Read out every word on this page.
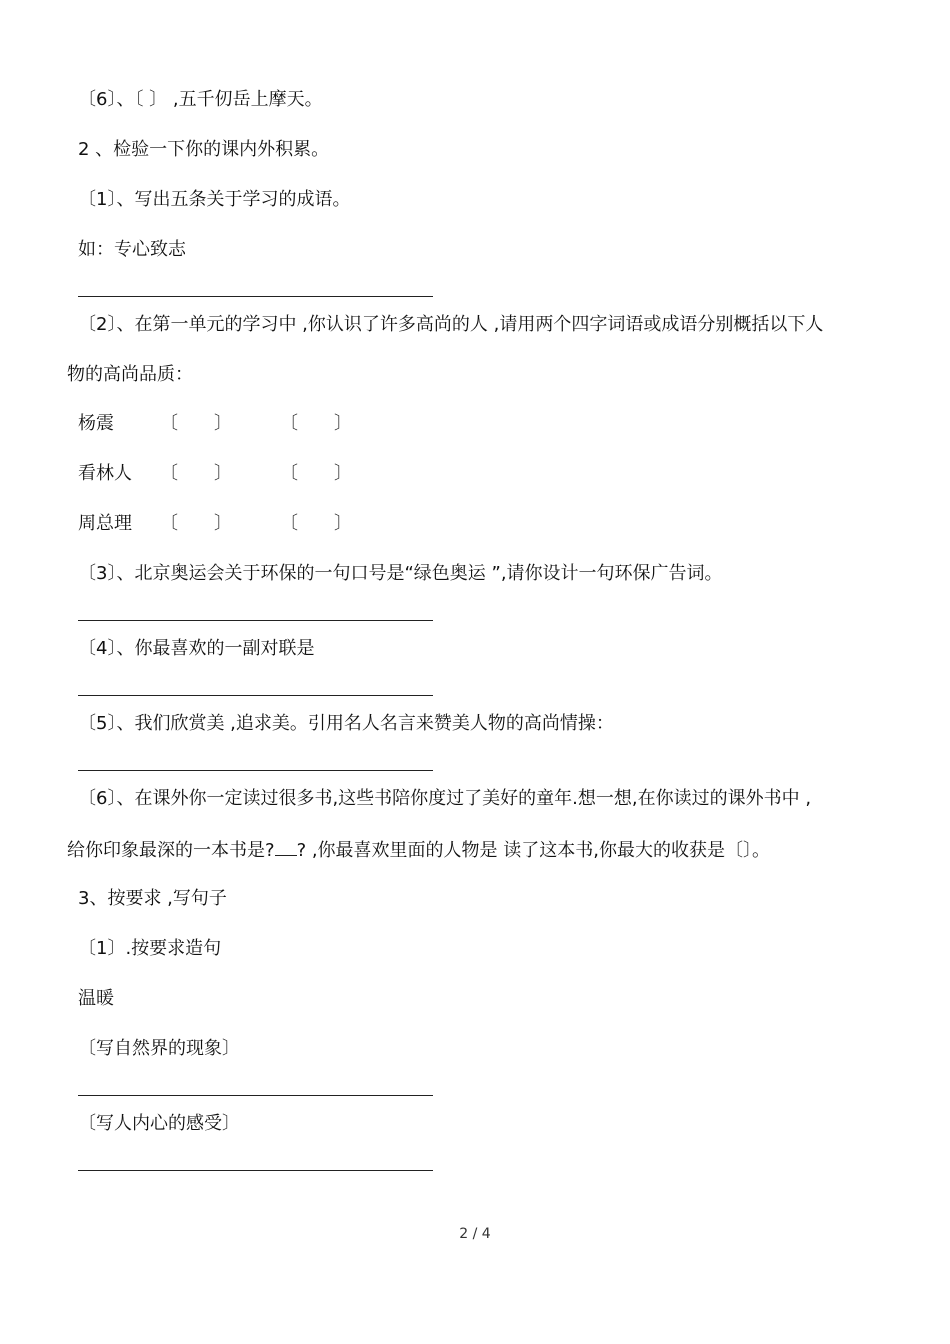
〔6〕、〔 〕 ,五千仞岳上摩天。
2 、检验一下你的课内外积累。
〔1〕、写出五条关于学习的成语。
如：专心致志
〔2〕、在第一单元的学习中 ,你认识了许多高尚的人 ,请用两个四字词语或成语分别概括以下人
物的高尚品质：
杨震	〔 〕	〔 〕
看林人 〔 〕	〔 〕
周总理 〔 〕	〔 〕
〔3〕、北京奥运会关于环保的一句口号是“绿色奥运 ”,请你设计一句环保广告词。
〔4〕、你最喜欢的一副对联是
〔5〕、我们欣赏美 ,追求美。引用名人名言来赞美人物的高尚情操：
〔6〕、在课外你一定读过很多书,这些书陪你度过了美好的童年.想一想,在你读过的课外书中 ,
给你印象最深的一本书是? ? ,你最喜欢里面的人物是 读了这本书,你最大的收获是〔〕。
3、按要求 ,写句子
〔1〕.按要求造句
温暖
〔写自然界的现象〕
〔写人内心的感受〕
2 / 4
